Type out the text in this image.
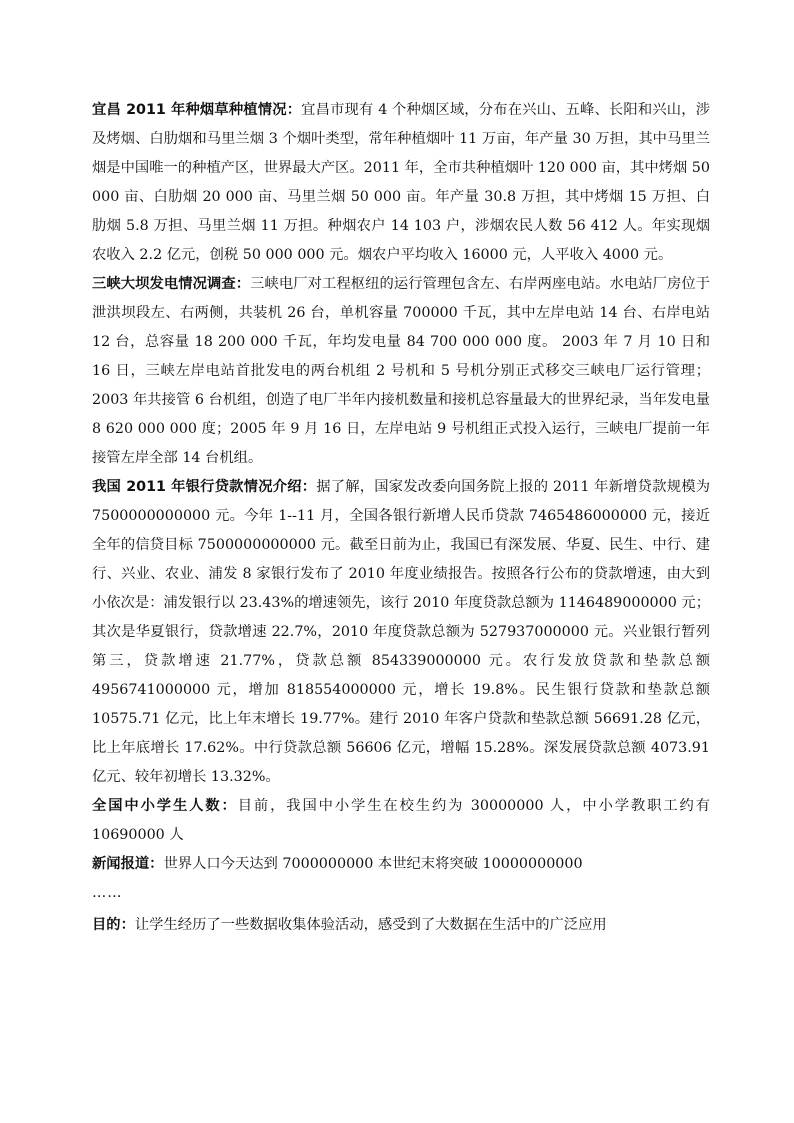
宜昌 2011 年种烟草种植情况：宜昌市现有 4 个种烟区域，分布在兴山、五峰、长阳和兴山，涉及烤烟、白肋烟和马里兰烟 3 个烟叶类型，常年种植烟叶 11 万亩，年产量 30 万担，其中马里兰烟是中国唯一的种植产区，世界最大产区。2011 年，全市共种植烟叶 120 000 亩，其中烤烟 50 000 亩、白肋烟 20 000 亩、马里兰烟 50 000 亩。年产量 30.8 万担，其中烤烟 15 万担、白肋烟 5.8 万担、马里兰烟 11 万担。种烟农户 14 103 户，涉烟农民人数 56 412 人。年实现烟农收入 2.2 亿元，创税 50 000 000 元。烟农户平均收入 16000 元，人平收入 4000 元。

三峡大坝发电情况调查：三峡电厂对工程枢纽的运行管理包含左、右岸两座电站。水电站厂房位于泄洪坝段左、右两侧，共装机 26 台，单机容量 700000 千瓦，其中左岸电站 14 台、右岸电站 12 台，总容量 18 200 000 千瓦，年均发电量 84 700 000 000 度。 2003 年 7 月 10 日和 16 日，三峡左岸电站首批发电的两台机组 2 号机和 5 号机分别正式移交三峡电厂运行管理；2003 年共接管 6 台机组，创造了电厂半年内接机数量和接机总容量最大的世界纪录，当年发电量 8 620 000 000 度；2005 年 9 月 16 日，左岸电站 9 号机组正式投入运行，三峡电厂提前一年接管左岸全部 14 台机组。

我国 2011 年银行贷款情况介绍：据了解，国家发改委向国务院上报的 2011 年新增贷款规模为 7500000000000 元。今年 1--11 月，全国各银行新增人民币贷款 7465486000000 元，接近全年的信贷目标 7500000000000 元。截至日前为止，我国已有深发展、华夏、民生、中行、建行、兴业、农业、浦发 8 家银行发布了 2010 年度业绩报告。按照各行公布的贷款增速，由大到小依次是：浦发银行以 23.43%的增速领先，该行 2010 年度贷款总额为 1146489000000 元；其次是华夏银行，贷款增速 22.7%，2010 年度贷款总额为 527937000000 元。兴业银行暂列第三，贷款增速 21.77%，贷款总额 854339000000 元。农行发放贷款和垫款总额 4956741000000 元，增加 818554000000 元，增长 19.8%。民生银行贷款和垫款总额 10575.71 亿元，比上年末增长 19.77%。建行 2010 年客户贷款和垫款总额 56691.28 亿元，比上年底增长 17.62%。中行贷款总额 56606 亿元，增幅 15.28%。深发展贷款总额 4073.91 亿元、较年初增长 13.32%。

全国中小学生人数：目前，我国中小学生在校生约为 30000000 人，中小学教职工约有 10690000 人

新闻报道：世界人口今天达到 7000000000 本世纪末将突破 10000000000

……

目的：让学生经历了一些数据收集体验活动，感受到了大数据在生活中的广泛应用
